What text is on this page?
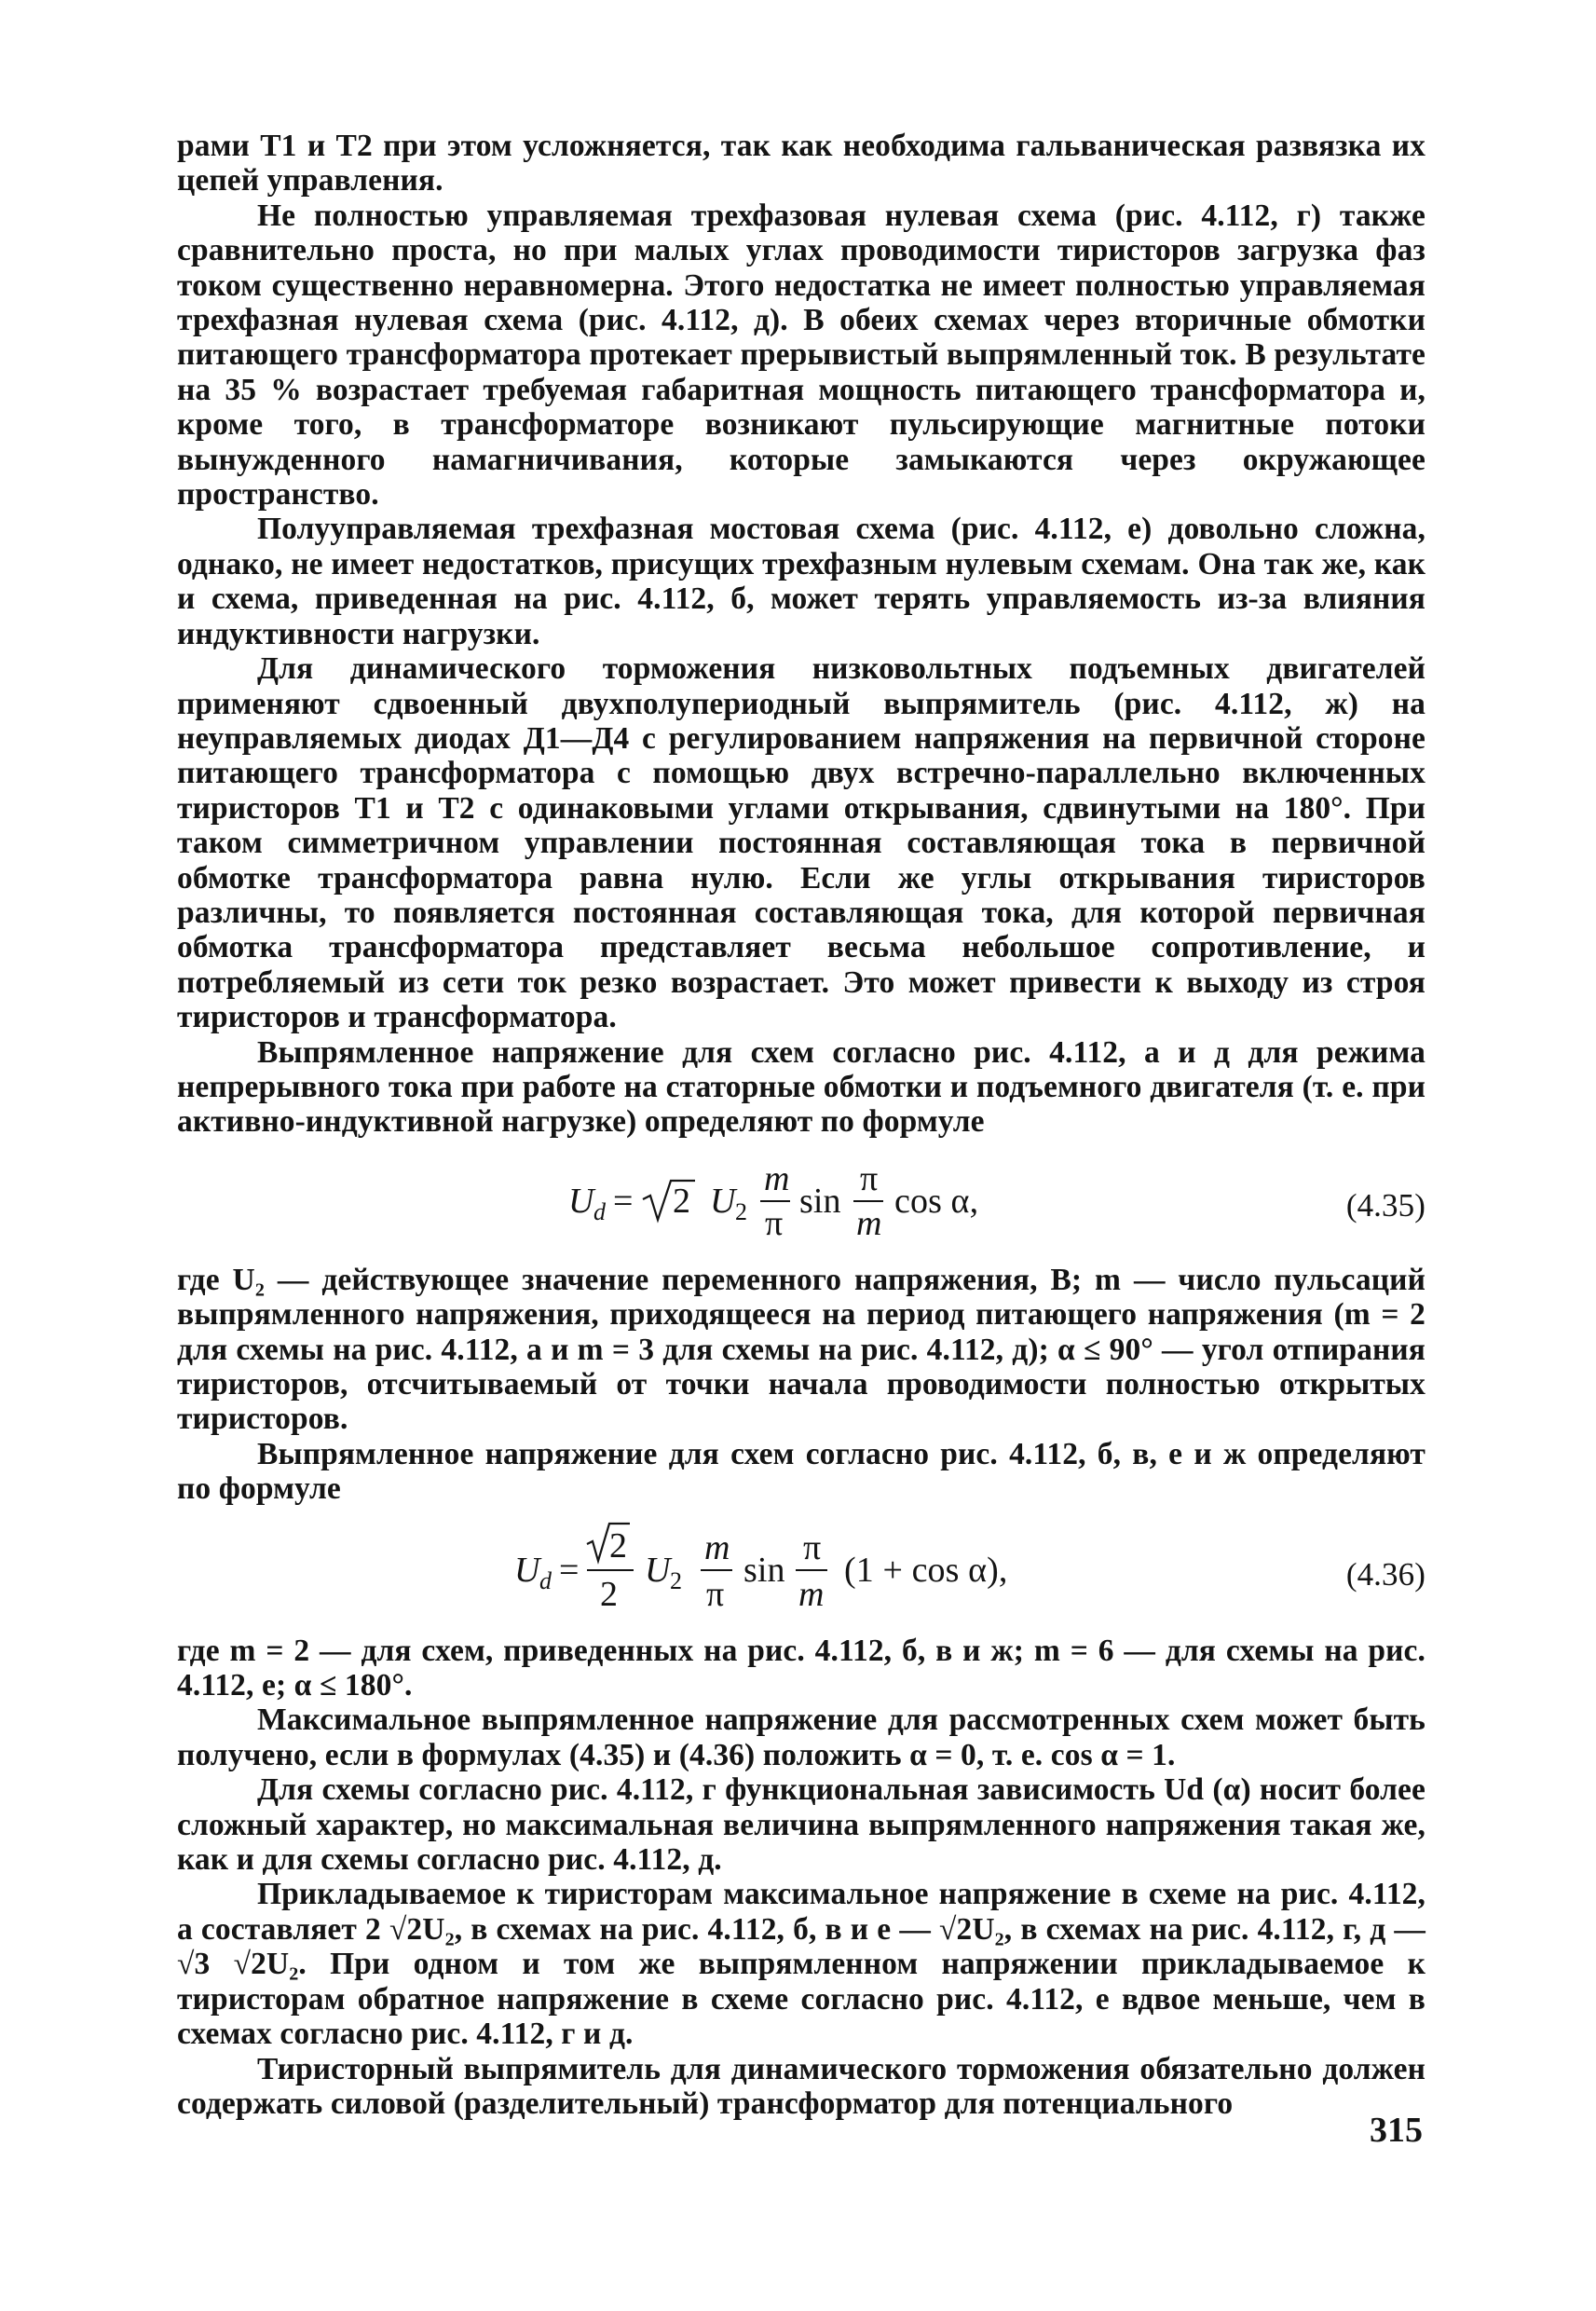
рами Т1 и Т2 при этом усложняется, так как необходима гальваническая развязка их цепей управления.

Не полностью управляемая трехфазовая нулевая схема (рис. 4.112, г) также сравнительно проста, но при малых углах проводимости тиристоров загрузка фаз током существенно неравномерна. Этого недостатка не имеет полностью управляемая трехфазная нулевая схема (рис. 4.112, д). В обеих схемах через вторичные обмотки питающего трансформатора протекает прерывистый выпрямленный ток. В результате на 35 % возрастает требуемая габаритная мощность питающего трансформатора и, кроме того, в трансформаторе возникают пульсирующие магнитные потоки вынужденного намагничивания, которые замыкаются через окружающее пространство.

Полууправляемая трехфазная мостовая схема (рис. 4.112, е) довольно сложна, однако, не имеет недостатков, присущих трехфазным нулевым схемам. Она так же, как и схема, приведенная на рис. 4.112, б, может терять управляемость из-за влияния индуктивности нагрузки.

Для динамического торможения низковольтных подъемных двигателей применяют сдвоенный двухполупериодный выпрямитель (рис. 4.112, ж) на неуправляемых диодах Д1—Д4 с регулированием напряжения на первичной стороне питающего трансформатора с помощью двух встречно-параллельно включенных тиристоров Т1 и Т2 с одинаковыми углами открывания, сдвинутыми на 180°. При таком симметричном управлении постоянная составляющая тока в первичной обмотке трансформатора равна нулю. Если же углы открывания тиристоров различны, то появляется постоянная составляющая тока, для которой первичная обмотка трансформатора представляет весьма небольшое сопротивление, и потребляемый из сети ток резко возрастает. Это может привести к выходу из строя тиристоров и трансформатора.

Выпрямленное напряжение для схем согласно рис. 4.112, а и д для режима непрерывного тока при работе на статорные обмотки и подъемного двигателя (т. е. при активно-индуктивной нагрузке) определяют по формуле

U d = 2 U 2
m
π
sin
π
m
cos α,	(4.35)

где U₂ — действующее значение переменного напряжения, В; m — число пульсаций выпрямленного напряжения, приходящееся на период питающего напряжения (m = 2 для схемы на рис. 4.112, а и m = 3 для схемы на рис. 4.112, д); α ≤ 90° — угол отпирания тиристоров, отсчитываемый от точки начала проводимости полностью открытых тиристоров.

Выпрямленное напряжение для схем согласно рис. 4.112, б, в, е и ж определяют по формуле

U d =
2
2
U 2
m
π
sin
π
m
(1 + cos α),	(4.36)

где m = 2 — для схем, приведенных на рис. 4.112, б, в и ж; m = 6 — для схемы на рис. 4.112, е; α ≤ 180°.

Максимальное выпрямленное напряжение для рассмотренных схем может быть получено, если в формулах (4.35) и (4.36) положить α = 0, т. е. cos α = 1.

Для схемы согласно рис. 4.112, г функциональная зависимость Ud (α) носит более сложный характер, но максимальная величина выпрямленного напряжения такая же, как и для схемы согласно рис. 4.112, д.

Прикладываемое к тиристорам максимальное напряжение в схеме на рис. 4.112, а составляет 2 √2U₂, в схемах на рис. 4.112, б, в и е — √2U₂, в схемах на рис. 4.112, г, д — √3 √2U₂. При одном и том же выпрямленном напряжении прикладываемое к тиристорам обратное напряжение в схеме согласно рис. 4.112, е вдвое меньше, чем в схемах согласно рис. 4.112, г и д.

Тиристорный выпрямитель для динамического торможения обязательно должен содержать силовой (разделительный) трансформатор для потенциального

315
